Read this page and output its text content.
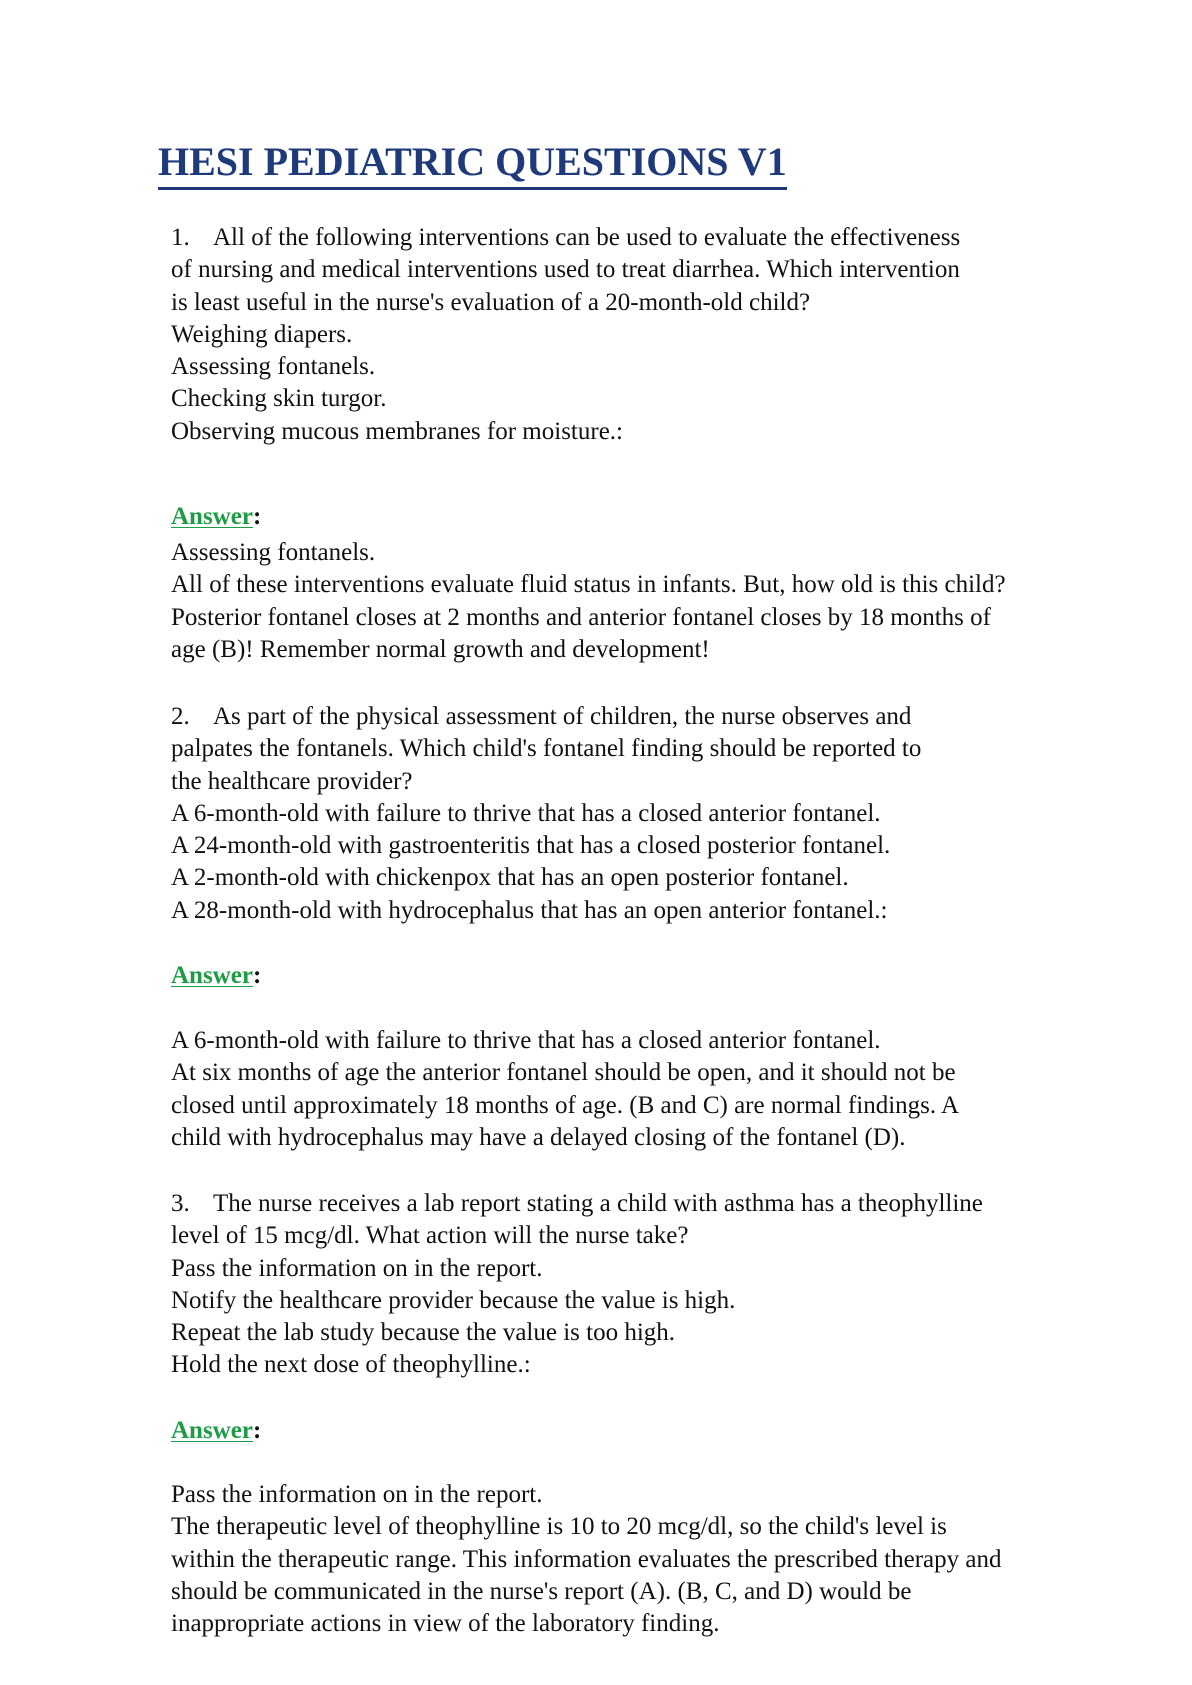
HESI PEDIATRIC QUESTIONS V1
1. All of the following interventions can be used to evaluate the effectiveness
of nursing and medical interventions used to treat diarrhea. Which intervention
is least useful in the nurse's evaluation of a 20-month-old child?
Weighing diapers.
Assessing fontanels.
Checking skin turgor.
Observing mucous membranes for moisture.:
Answer:
Assessing fontanels.
All of these interventions evaluate fluid status in infants. But, how old is this child?
Posterior fontanel closes at 2 months and anterior fontanel closes by 18 months of
age (B)! Remember normal growth and development!
2. As part of the physical assessment of children, the nurse observes and
palpates the fontanels. Which child's fontanel finding should be reported to
the healthcare provider?
A 6-month-old with failure to thrive that has a closed anterior fontanel.
A 24-month-old with gastroenteritis that has a closed posterior fontanel.
A 2-month-old with chickenpox that has an open posterior fontanel.
A 28-month-old with hydrocephalus that has an open anterior fontanel.:
Answer:
A 6-month-old with failure to thrive that has a closed anterior fontanel.
At six months of age the anterior fontanel should be open, and it should not be
closed until approximately 18 months of age. (B and C) are normal findings. A
child with hydrocephalus may have a delayed closing of the fontanel (D).
3. The nurse receives a lab report stating a child with asthma has a theophylline
level of 15 mcg/dl. What action will the nurse take?
Pass the information on in the report.
Notify the healthcare provider because the value is high.
Repeat the lab study because the value is too high.
Hold the next dose of theophylline.:
Answer:
Pass the information on in the report.
The therapeutic level of theophylline is 10 to 20 mcg/dl, so the child's level is
within the therapeutic range. This information evaluates the prescribed therapy and
should be communicated in the nurse's report (A). (B, C, and D) would be
inappropriate actions in view of the laboratory finding.
